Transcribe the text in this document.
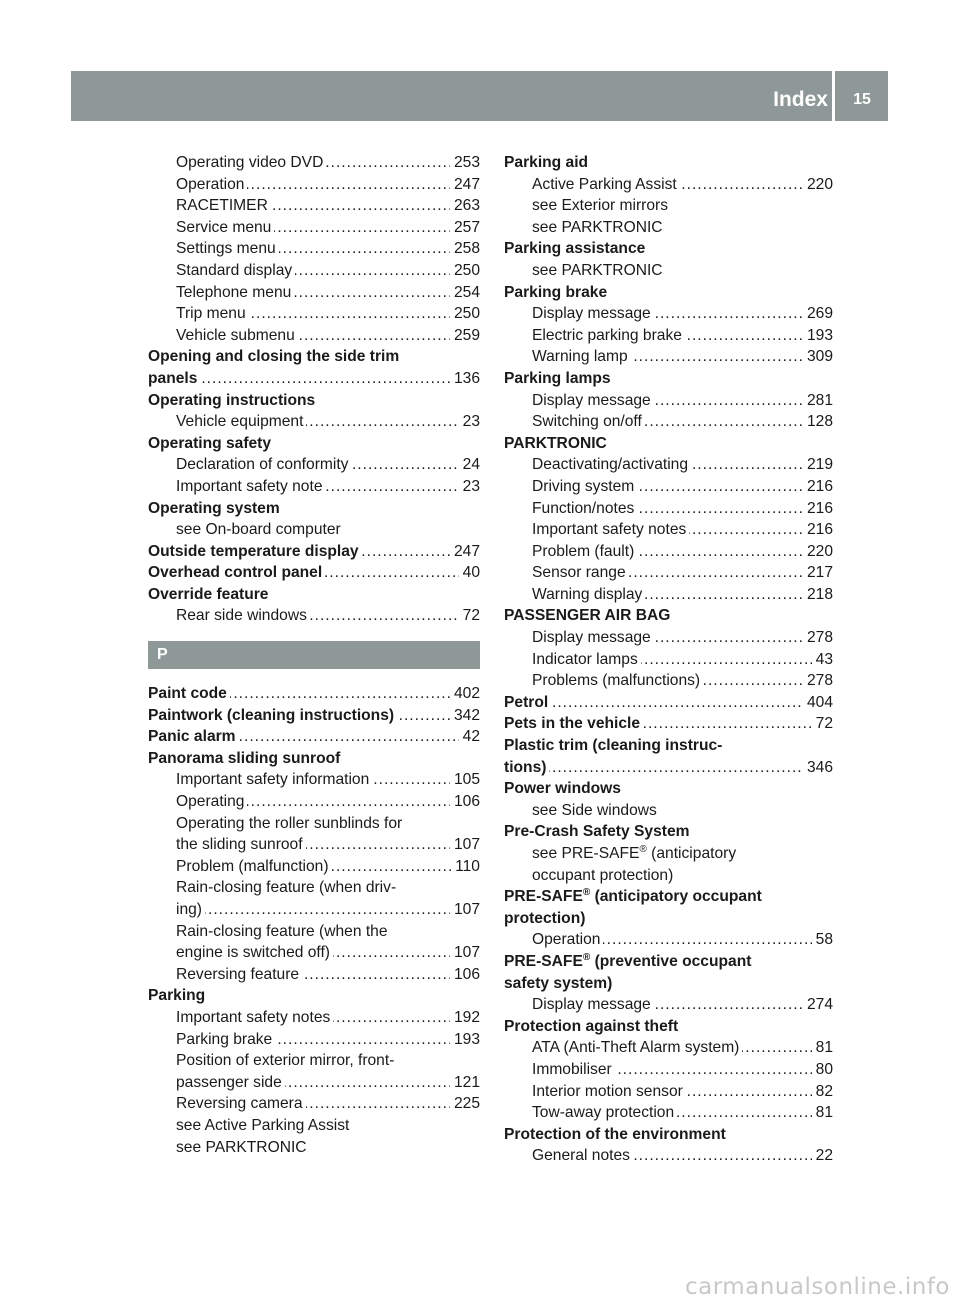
Index	15
Operating video DVD	253
.....
Operation	247
.....
RACETIMER	263
.....
Service menu	257
.....
Settings menu	258
.....
Standard display	250
.....
Telephone menu	254
.....
Trip menu	250
.....
Vehicle submenu	259
.....
Opening and closing the side trim
panels	136
.....
Operating instructions
Vehicle equipment	23
.....
Operating safety
Declaration of conformity	24
.....
Important safety note	23
.....
Operating system
see On-board computer
Outside temperature display	247
.....
Overhead control panel	40
.....
Override feature
Rear side windows	72
.....
P
Paint code	402
.....
Paintwork (cleaning instructions)	342
.....
Panic alarm	42
.....
Panorama sliding sunroof
Important safety information	105
.....
Operating	106
.....
Operating the roller sunblinds for
the sliding sunroof	107
.....
Problem (malfunction)	110
.....
Rain-closing feature (when driv-
ing)	107
.....
Rain-closing feature (when the
engine is switched off)	107
.....
Reversing feature	106
.....
Parking
Important safety notes	192
.....
Parking brake	193
.....
Position of exterior mirror, front-
passenger side	121
.....
Reversing camera	225
.....
see Active Parking Assist
see PARKTRONIC
Parking aid
Active Parking Assist	220
.....
see Exterior mirrors
see PARKTRONIC
Parking assistance
see PARKTRONIC
Parking brake
Display message	269
.....
Electric parking brake	193
.....
Warning lamp	309
.....
Parking lamps
Display message	281
.....
Switching on/off	128
.....
PARKTRONIC
Deactivating/activating	219
.....
Driving system	216
.....
Function/notes	216
.....
Important safety notes	216
.....
Problem (fault)	220
.....
Sensor range	217
.....
Warning display	218
.....
PASSENGER AIR BAG
Display message	278
.....
Indicator lamps	43
.....
Problems (malfunctions)	278
.....
Petrol	404
.....
Pets in the vehicle	72
.....
Plastic trim (cleaning instruc-
tions)	346
.....
Power windows
see Side windows
Pre-Crash Safety System
see PRE-SAFE® (anticipatory
occupant protection)
PRE-SAFE® (anticipatory occupant
protection)
Operation	58
.....
PRE-SAFE® (preventive occupant
safety system)
Display message	274
.....
Protection against theft
ATA (Anti-Theft Alarm system)	81
.....
Immobiliser	80
.....
Interior motion sensor	82
.....
Tow-away protection	81
.....
Protection of the environment
General notes	22
.....
carmanualsonline.info
